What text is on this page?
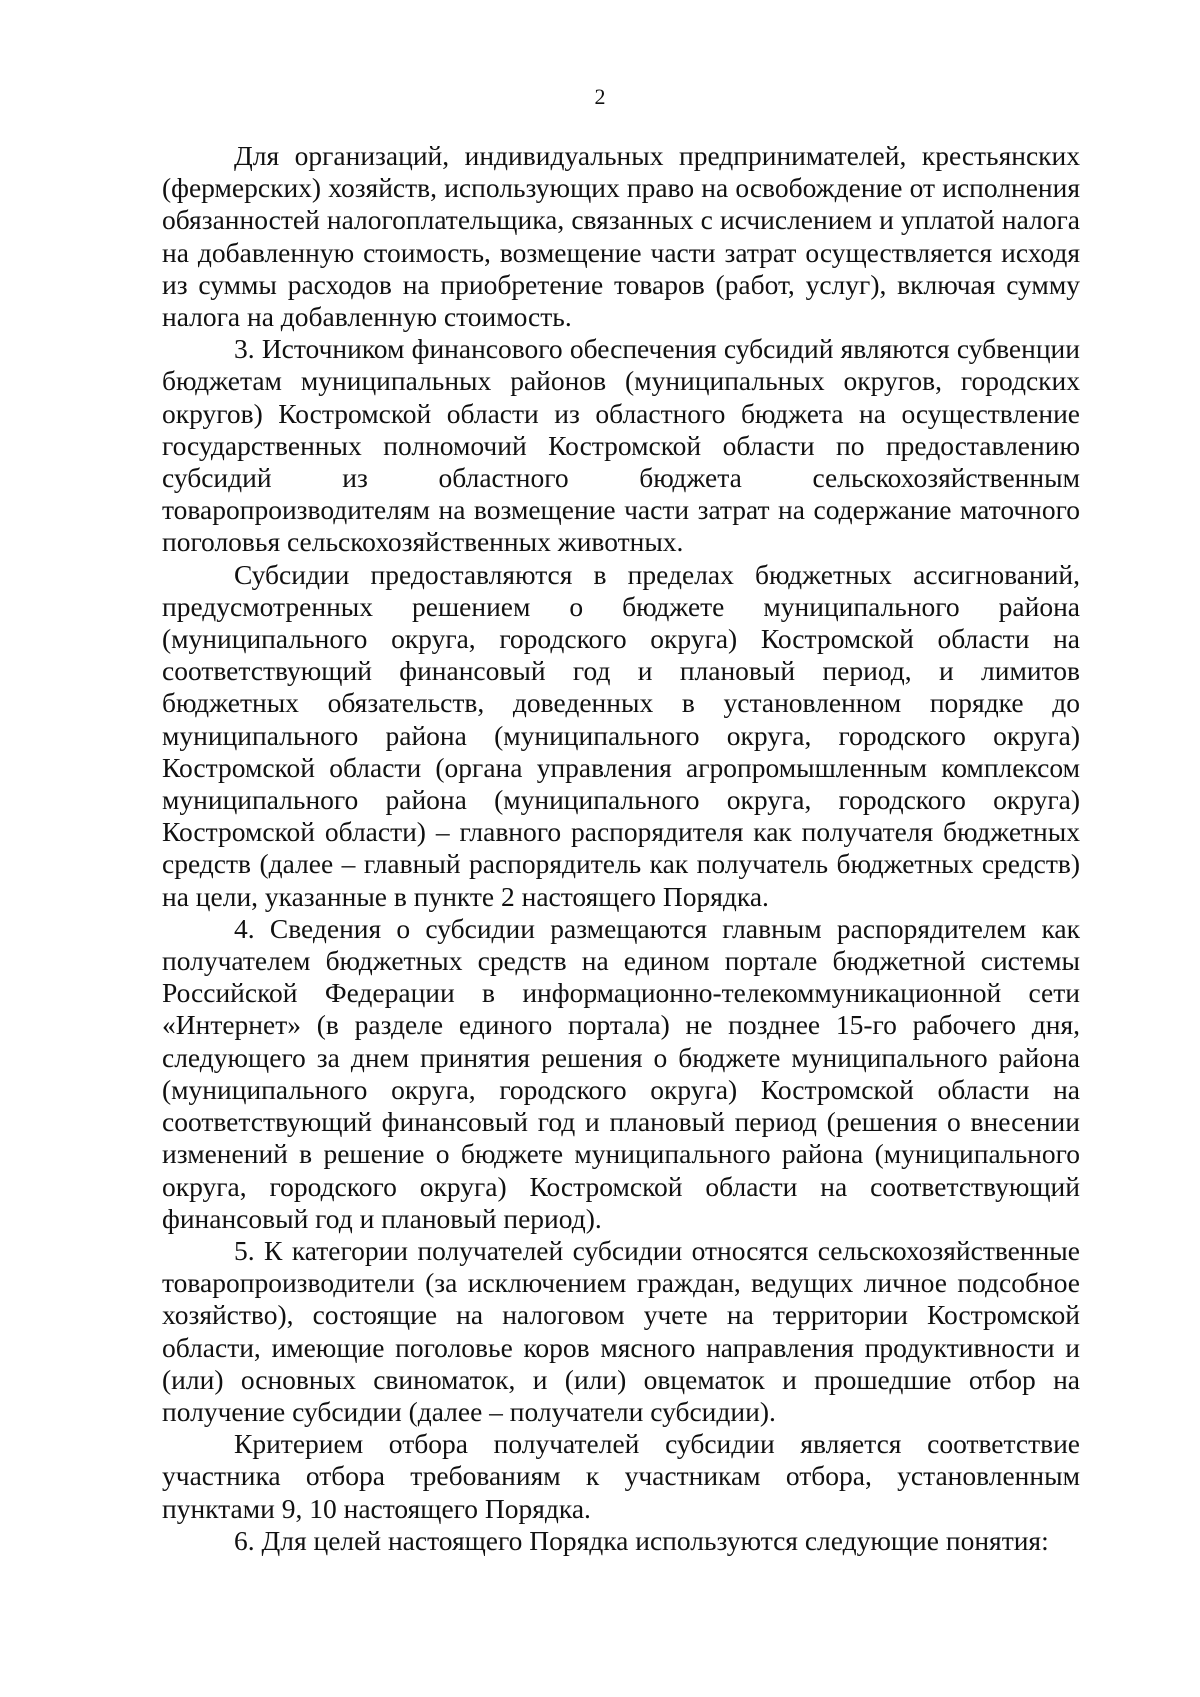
2

Для организаций, индивидуальных предпринимателей, крестьянских (фермерских) хозяйств, использующих право на освобождение от исполнения обязанностей налогоплательщика, связанных с исчислением и уплатой налога на добавленную стоимость, возмещение части затрат осуществляется исходя из суммы расходов на приобретение товаров (работ, услуг), включая сумму налога на добавленную стоимость.

3. Источником финансового обеспечения субсидий являются субвенции бюджетам муниципальных районов (муниципальных округов, городских округов) Костромской области из областного бюджета на осуществление государственных полномочий Костромской области по предоставлению субсидий из областного бюджета сельскохозяйственным товаропроизводителям на возмещение части затрат на содержание маточного поголовья сельскохозяйственных животных.

Субсидии предоставляются в пределах бюджетных ассигнований, предусмотренных решением о бюджете муниципального района (муниципального округа, городского округа) Костромской области на соответствующий финансовый год и плановый период, и лимитов бюджетных обязательств, доведенных в установленном порядке до муниципального района (муниципального округа, городского округа) Костромской области (органа управления агропромышленным комплексом муниципального района (муниципального округа, городского округа) Костромской области) – главного распорядителя как получателя бюджетных средств (далее – главный распорядитель как получатель бюджетных средств) на цели, указанные в пункте 2 настоящего Порядка.

4. Сведения о субсидии размещаются главным распорядителем как получателем бюджетных средств на едином портале бюджетной системы Российской Федерации в информационно-телекоммуникационной сети «Интернет» (в разделе единого портала) не позднее 15-го рабочего дня, следующего за днем принятия решения о бюджете муниципального района (муниципального округа, городского округа) Костромской области на соответствующий финансовый год и плановый период (решения о внесении изменений в решение о бюджете муниципального района (муниципального округа, городского округа) Костромской области на соответствующий финансовый год и плановый период).

5. К категории получателей субсидии относятся сельскохозяйственные товаропроизводители (за исключением граждан, ведущих личное подсобное хозяйство), состоящие на налоговом учете на территории Костромской области, имеющие поголовье коров мясного направления продуктивности и (или) основных свиноматок, и (или) овцематок и прошедшие отбор на получение субсидии (далее – получатели субсидии).

Критерием отбора получателей субсидии является соответствие участника отбора требованиям к участникам отбора, установленным пунктами 9, 10 настоящего Порядка.

6. Для целей настоящего Порядка используются следующие понятия:
